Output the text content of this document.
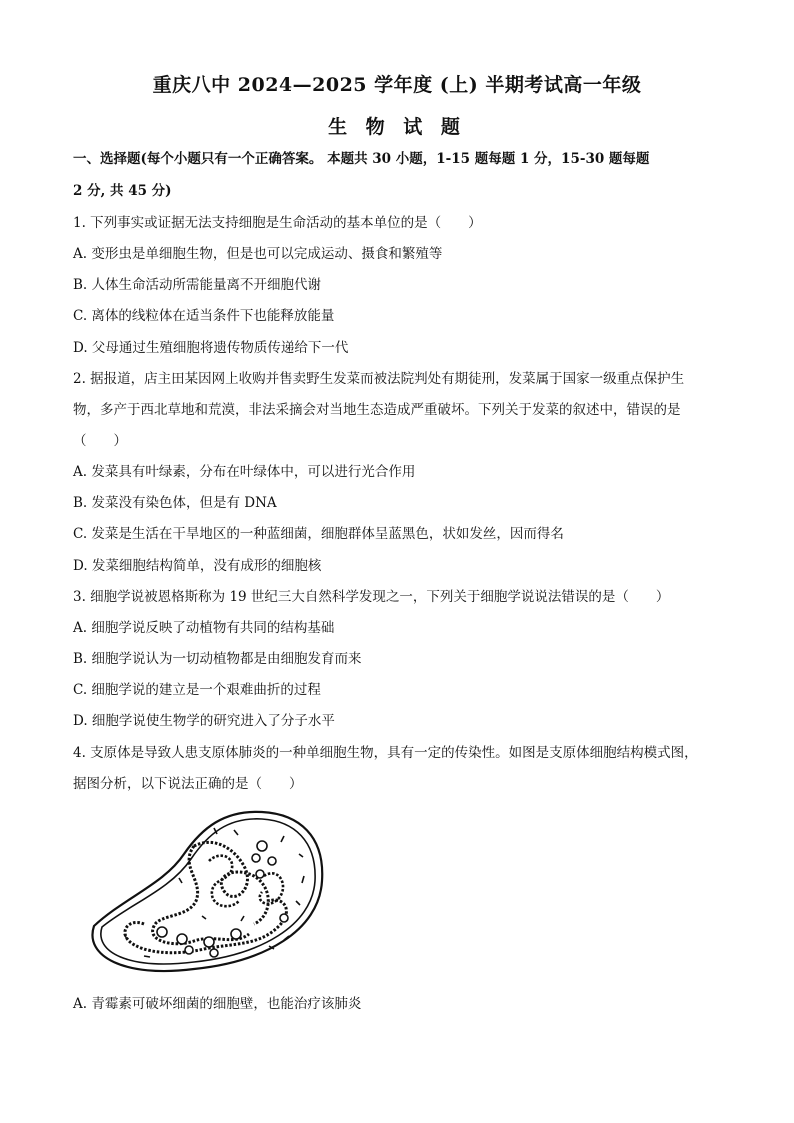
重庆八中 2024—2025 学年度 (上) 半期考试高一年级
生 物 试 题
一、选择题(每个小题只有一个正确答案。 本题共 30 小题，1-15 题每题 1 分，15-30 题每题
2 分, 共 45 分)
1. 下列事实或证据无法支持细胞是生命活动的基本单位的是（　　）
A. 变形虫是单细胞生物，但是也可以完成运动、摄食和繁殖等
B. 人体生命活动所需能量离不开细胞代谢
C. 离体的线粒体在适当条件下也能释放能量
D. 父母通过生殖细胞将遗传物质传递给下一代
2. 据报道，店主田某因网上收购并售卖野生发菜而被法院判处有期徒刑，发菜属于国家一级重点保护生
物，多产于西北草地和荒漠，非法采摘会对当地生态造成严重破坏。下列关于发菜的叙述中，错误的是
（　　）
A. 发菜具有叶绿素，分布在叶绿体中，可以进行光合作用
B. 发菜没有染色体，但是有 DNA
C. 发菜是生活在干旱地区的一种蓝细菌，细胞群体呈蓝黑色，状如发丝，因而得名
D. 发菜细胞结构简单，没有成形的细胞核
3. 细胞学说被恩格斯称为 19 世纪三大自然科学发现之一，下列关于细胞学说说法错误的是（　　）
A. 细胞学说反映了动植物有共同的结构基础
B. 细胞学说认为一切动植物都是由细胞发育而来
C. 细胞学说的建立是一个艰难曲折的过程
D. 细胞学说使生物学的研究进入了分子水平
4. 支原体是导致人患支原体肺炎的一种单细胞生物，具有一定的传染性。如图是支原体细胞结构模式图，
据图分析，以下说法正确的是（　　）
A. 青霉素可破坏细菌的细胞壁，也能治疗该肺炎
